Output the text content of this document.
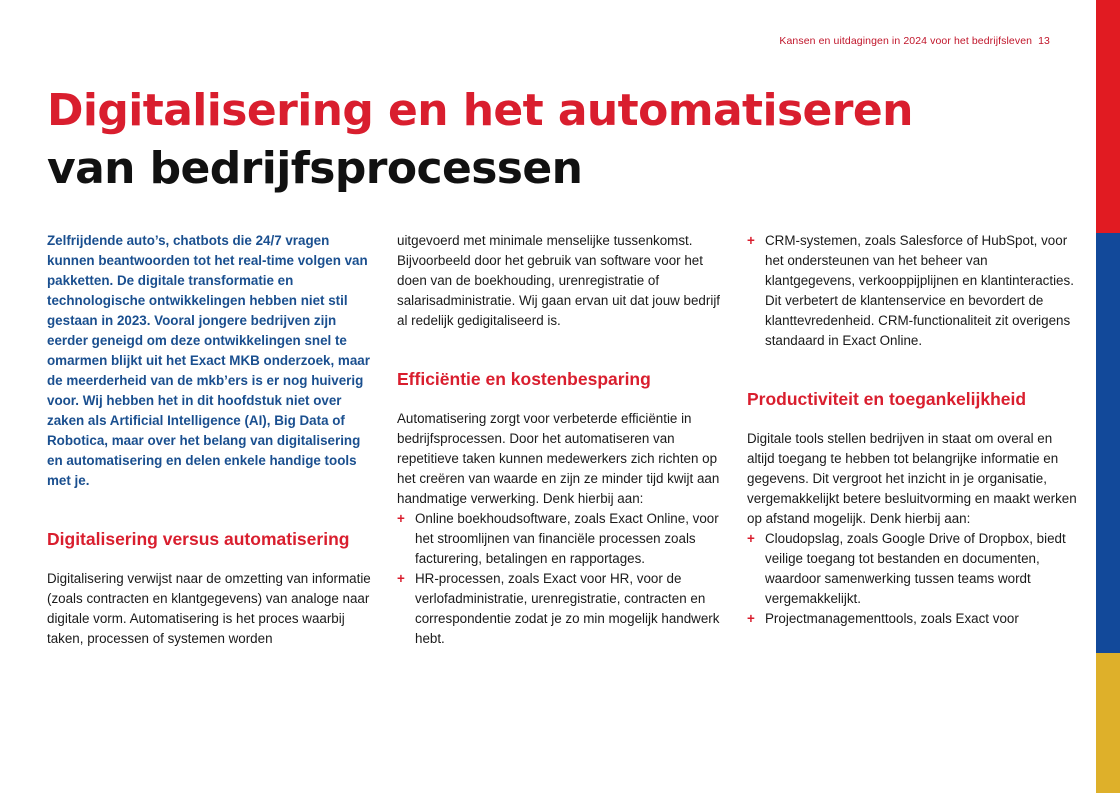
Kansen en uitdagingen in 2024 voor het bedrijfsleven 13
Digitalisering en het automatiseren
van bedrijfsprocessen

Zelfrijdende auto’s, chatbots die 24/7 vragen kunnen beantwoorden tot het real-time volgen van pakketten. De digitale transformatie en technologische ontwikkelingen hebben niet stil gestaan in 2023. Vooral jongere bedrijven zijn eerder geneigd om deze ontwikkelingen snel te omarmen blijkt uit het Exact MKB onderzoek, maar de meerderheid van de mkb’ers is er nog huiverig voor. Wij hebben het in dit hoofdstuk niet over zaken als Artificial Intelligence (AI), Big Data of Robotica, maar over het belang van digitalisering en automatisering en delen enkele handige tools met je.

Digitalisering versus automatisering

Digitalisering verwijst naar de omzetting van informatie (zoals contracten en klantgegevens) van analoge naar digitale vorm. Automatisering is het proces waarbij taken, processen of systemen worden

uitgevoerd met minimale menselijke tussenkomst. Bijvoorbeeld door het gebruik van software voor het doen van de boekhouding, urenregistratie of salarisadministratie. Wij gaan ervan uit dat jouw bedrijf al redelijk gedigitaliseerd is.

Efficiëntie en kostenbesparing

Automatisering zorgt voor verbeterde efficiëntie in bedrijfsprocessen. Door het automatiseren van repetitieve taken kunnen medewerkers zich richten op het creëren van waarde en zijn ze minder tijd kwijt aan handmatige verwerking. Denk hierbij aan:

+ Online boekhoudsoftware, zoals Exact Online, voor het stroomlijnen van financiële processen zoals facturering, betalingen en rapportages.
+ HR-processen, zoals Exact voor HR, voor de verlofadministratie, urenregistratie, contracten en correspondentie zodat je zo min mogelijk handwerk hebt.
+ CRM-systemen, zoals Salesforce of HubSpot, voor het ondersteunen van het beheer van klantgegevens, verkooppijplijnen en klantinteracties. Dit verbetert de klantenservice en bevordert de klanttevredenheid. CRM-functionaliteit zit overigens standaard in Exact Online.
Productiviteit en toegankelijkheid

Digitale tools stellen bedrijven in staat om overal en altijd toegang te hebben tot belangrijke informatie en gegevens. Dit vergroot het inzicht in je organisatie, vergemakkelijkt betere besluitvorming en maakt werken op afstand mogelijk. Denk hierbij aan:

+ Cloudopslag, zoals Google Drive of Dropbox, biedt veilige toegang tot bestanden en documenten, waardoor samenwerking tussen teams wordt vergemakkelijkt.
+ Projectmanagementtools, zoals Exact voor
